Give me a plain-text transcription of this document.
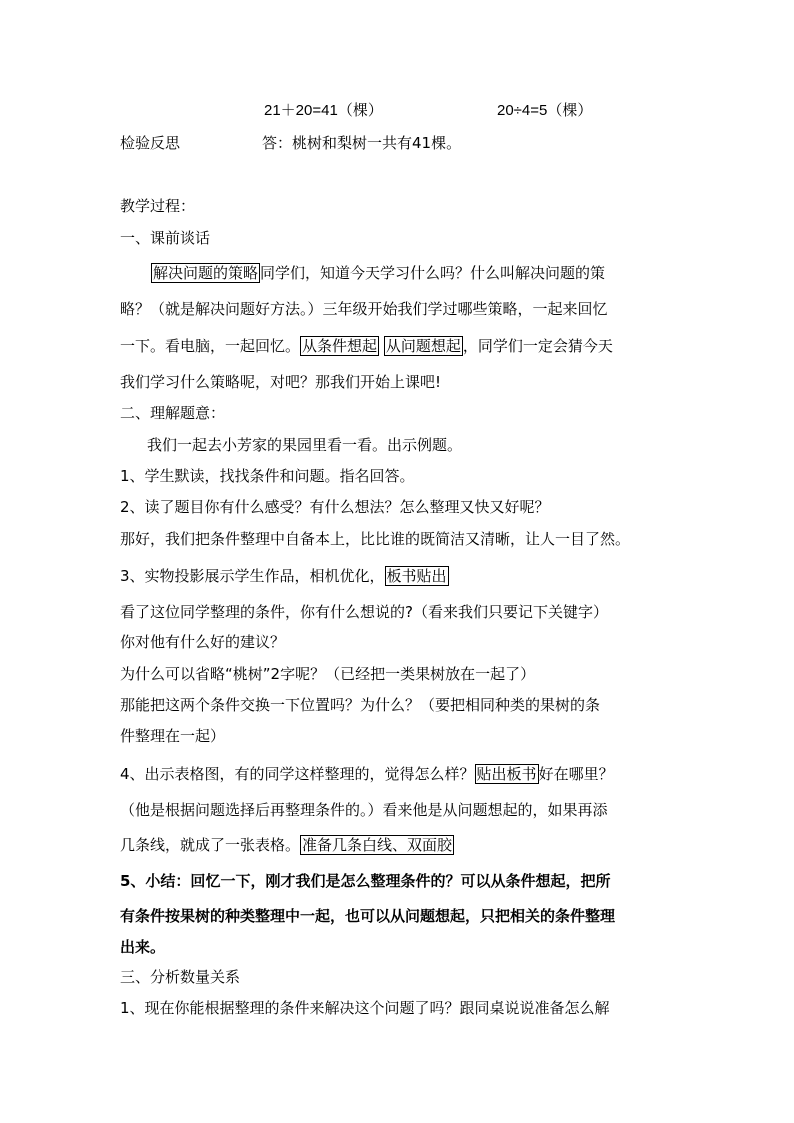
21＋20=41（棵）	20÷4=5（棵）
检验反思	答：桃树和梨树一共有41棵。
教学过程：
一、课前谈话
解决问题的策略 同学们，知道今天学习什么吗？什么叫解决问题的策
略？（就是解决问题好方法。）三年级开始我们学过哪些策略，一起来回忆
一下。看电脑，一起回忆。 从条件想起 从问题想起 ，同学们一定会猜今天
我们学习什么策略呢，对吧？那我们开始上课吧!
二、理解题意：
我们一起去小芳家的果园里看一看。出示例题。
1、学生默读，找找条件和问题。指名回答。
2、读了题目你有什么感受？有什么想法？怎么整理又快又好呢？
那好，我们把条件整理中自备本上，比比谁的既简洁又清晰，让人一目了然。
3、实物投影展示学生作品，相机优化， 板书贴出
看了这位同学整理的条件，你有什么想说的?（看来我们只要记下关键字）
你对他有什么好的建议？
为什么可以省略“桃树”2字呢？（已经把一类果树放在一起了）
那能把这两个条件交换一下位置吗？为什么？（要把相同种类的果树的条
件整理在一起）
4、出示表格图，有的同学这样整理的，觉得怎么样？ 贴出板书 好在哪里？
（他是根据问题选择后再整理条件的。）看来他是从问题想起的，如果再添
几条线，就成了一张表格。 准备几条白线、双面胶
5、小结：回忆一下，刚才我们是怎么整理条件的？可以从条件想起，把所
有条件按果树的种类整理中一起，也可以从问题想起，只把相关的条件整理
出来。
三、分析数量关系
1、现在你能根据整理的条件来解决这个问题了吗？跟同桌说说准备怎么解
